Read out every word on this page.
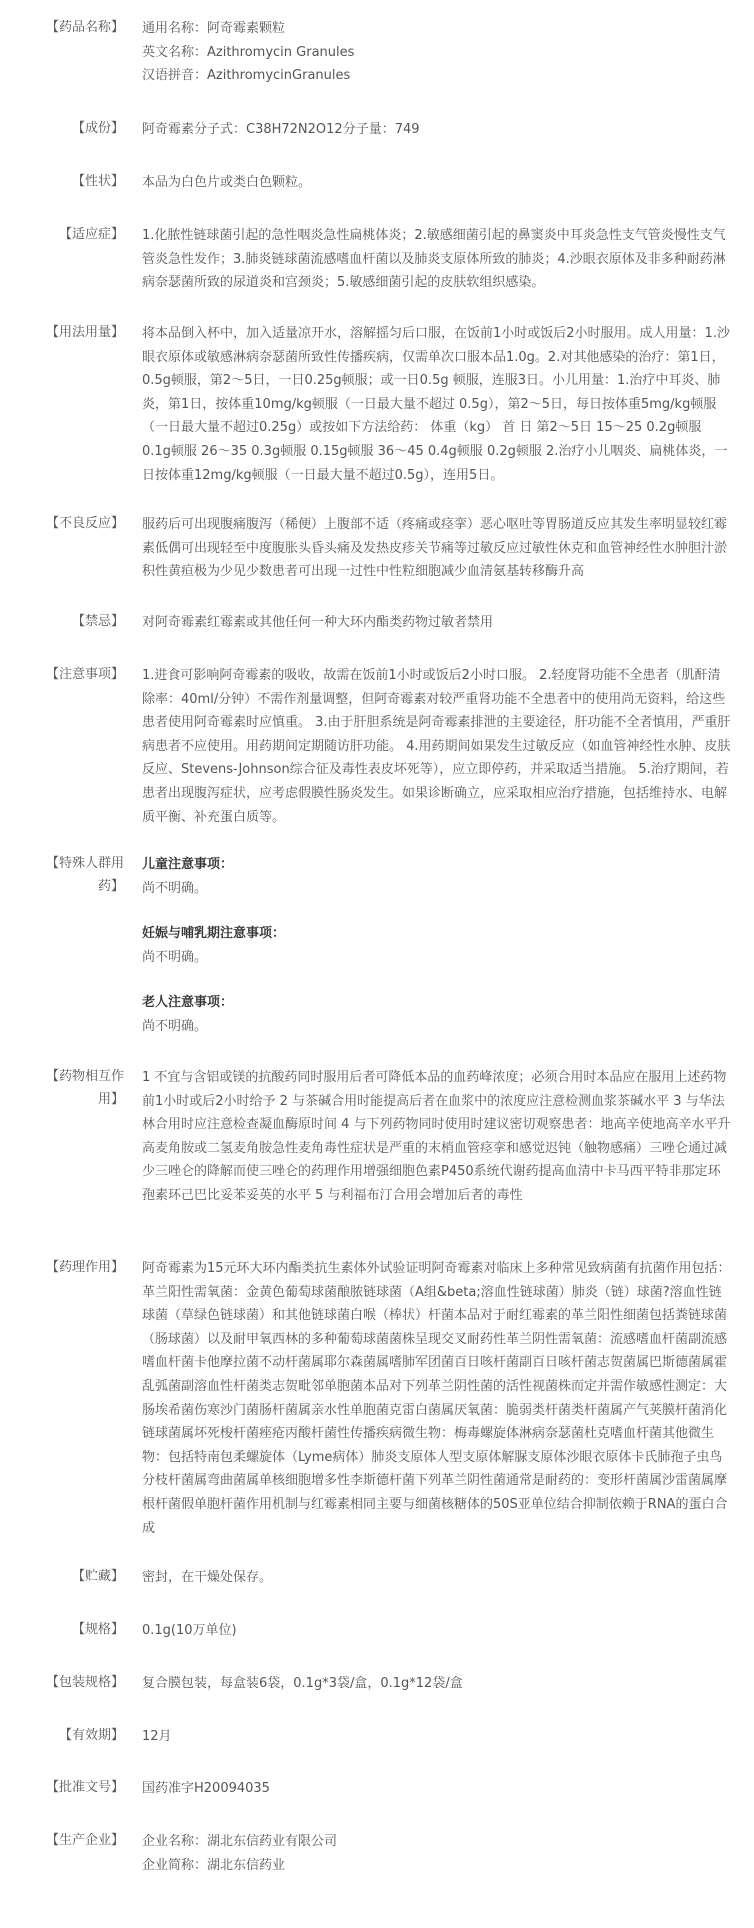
【药品名称】 通用名称：阿奇霉素颗粒

英文名称：Azithromycin Granules

汉语拼音：AzithromycinGranules

【成份】 阿奇霉素分子式：C38H72N2O12分子量：749
【性状】 本品为白色片或类白色颗粒。
【适应症】 1.化脓性链球菌引起的急性咽炎急性扁桃体炎；2.敏感细菌引起的鼻窦炎中耳炎急性支气管炎慢性支气管炎急性发作；3.肺炎链球菌流感嗜血杆菌以及肺炎支原体所致的肺炎；4.沙眼衣原体及非多种耐药淋病奈瑟菌所致的尿道炎和宫颈炎；5.敏感细菌引起的皮肤软组织感染。
【用法用量】 将本品倒入杯中，加入适量凉开水，溶解摇匀后口服，在饭前1小时或饭后2小时服用。成人用量：1.沙眼衣原体或敏感淋病奈瑟菌所致性传播疾病，仅需单次口服本品1.0g。2.对其他感染的治疗：第1日，0.5g顿服，第2～5日，一日0.25g顿服；或一日0.5g 顿服，连服3日。小儿用量：1.治疗中耳炎、肺炎，第1日，按体重10mg/kg顿服（一日最大量不超过 0.5g），第2～5日，每日按体重5mg/kg顿服（一日最大量不超过0.25g）或按如下方法给药： 体重（kg） 首 日 第2～5日 15～25 0.2g顿服 0.1g顿服 26～35 0.3g顿服 0.15g顿服 36～45 0.4g顿服 0.2g顿服 2.治疗小儿咽炎、扁桃体炎，一日按体重12mg/kg顿服（一日最大量不超过0.5g），连用5日。
【不良反应】 服药后可出现腹痛腹泻（稀便）上腹部不适（疼痛或痉挛）恶心呕吐等胃肠道反应其发生率明显较红霉素低偶可出现轻至中度腹胀头昏头痛及发热皮疹关节痛等过敏反应过敏性休克和血管神经性水肿胆汁淤积性黄疸极为少见少数患者可出现一过性中性粒细胞减少血清氨基转移酶升高
【禁忌】 对阿奇霉素红霉素或其他任何一种大环内酯类药物过敏者禁用
【注意事项】 1.进食可影响阿奇霉素的吸收，故需在饭前1小时或饭后2小时口服。 2.轻度肾功能不全患者（肌酐清除率：40ml/分钟）不需作剂量调整，但阿奇霉素对较严重肾功能不全患者中的使用尚无资料，给这些患者使用阿奇霉素时应慎重。 3.由于肝胆系统是阿奇霉素排泄的主要途径，肝功能不全者慎用，严重肝病患者不应使用。用药期间定期随访肝功能。 4.用药期间如果发生过敏反应（如血管神经性水肿、皮肤反应、Stevens-Johnson综合征及毒性表皮坏死等），应立即停药，并采取适当措施。 5.治疗期间，若患者出现腹泻症状，应考虑假膜性肠炎发生。如果诊断确立，应采取相应治疗措施，包括维持水、电解质平衡、补充蛋白质等。
【特殊人群用
药】

儿童注意事项：

尚不明确。

妊娠与哺乳期注意事项：

尚不明确。

老人注意事项：

尚不明确。

【药物相互作
用】
1 不宜与含铝或镁的抗酸药同时服用后者可降低本品的血药峰浓度；必须合用时本品应在服用上述药物前1小时或后2小时给予 2 与茶碱合用时能提高后者在血浆中的浓度应注意检测血浆茶碱水平 3 与华法林合用时应注意检查凝血酶原时间 4 与下列药物同时使用时建议密切观察患者：地高辛使地高辛水平升高麦角胺或二氢麦角胺急性麦角毒性症状是严重的末梢血管痉挛和感觉迟钝（触物感痛）三唑仑通过减少三唑仑的降解而使三唑仑的药理作用增强细胞色素P450系统代谢药提高血清中卡马西平特非那定环孢素环己巴比妥苯妥英的水平 5 与利福布汀合用会增加后者的毒性
【药理作用】 阿奇霉素为15元环大环内酯类抗生素体外试验证明阿奇霉素对临床上多种常见致病菌有抗菌作用包括：革兰阳性需氧菌：金黄色葡萄球菌酿脓链球菌（A组&beta;溶血性链球菌）肺炎（链）球菌?溶血性链球菌（草绿色链球菌）和其他链球菌白喉（棒状）杆菌本品对于耐红霉素的革兰阳性细菌包括粪链球菌（肠球菌）以及耐甲氧西林的多种葡萄球菌菌株呈现交叉耐药性革兰阴性需氧菌：流感嗜血杆菌副流感嗜血杆菌卡他摩拉菌不动杆菌属耶尔森菌属嗜肺军团菌百日咳杆菌副百日咳杆菌志贺菌属巴斯德菌属霍乱弧菌副溶血性杆菌类志贺毗邻单胞菌本品对下列革兰阴性菌的活性视菌株而定并需作敏感性测定：大肠埃希菌伤寒沙门菌肠杆菌属亲水性单胞菌克雷白菌属厌氧菌：脆弱类杆菌类杆菌属产气荚膜杆菌消化链球菌属坏死梭杆菌痤疮丙酸杆菌性传播疾病微生物：梅毒螺旋体淋病奈瑟菌杜克嗜血杆菌其他微生物：包括特南包柔螺旋体（Lyme病体）肺炎支原体人型支原体解脲支原体沙眼衣原体卡氏肺孢子虫鸟分枝杆菌属弯曲菌属单核细胞增多性李斯德杆菌下列革兰阴性菌通常是耐药的：变形杆菌属沙雷菌属摩根杆菌假单胞杆菌作用机制与红霉素相同主要与细菌核糖体的50S亚单位结合抑制依赖于RNA的蛋白合成
【贮藏】 密封，在干燥处保存。
【规格】 0.1g(10万单位)
【包装规格】 复合膜包装，每盒装6袋，0.1g*3袋/盒，0.1g*12袋/盒
【有效期】 12月
【批准文号】 国药准字H20094035
【生产企业】 企业名称：湖北东信药业有限公司

企业简称：湖北东信药业
